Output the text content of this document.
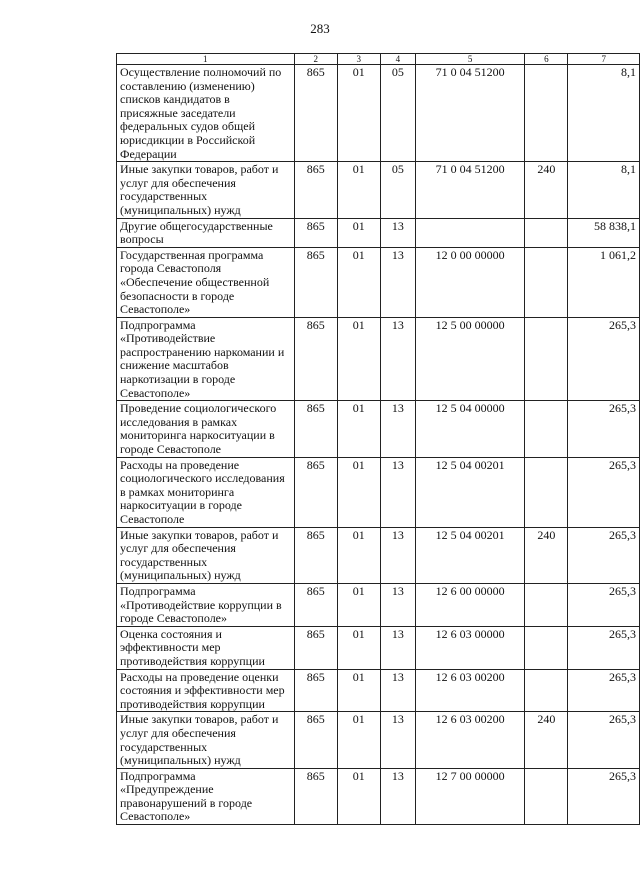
283
1	2	3	4	5	6	7
Осуществление полномочий по составлению (изменению) списков кандидатов в присяжные заседатели федеральных судов общей юрисдикции в Российской Федерации	865	01	05	71 0 04 51200		8,1
Иные закупки товаров, работ и услуг для обеспечения государственных (муниципальных) нужд	865	01	05	71 0 04 51200	240	8,1
Другие общегосударственные вопросы	865	01	13			58 838,1
Государственная программа города Севастополя «Обеспечение общественной безопасности в городе Севастополе»	865	01	13	12 0 00 00000		1 061,2
Подпрограмма «Противодействие распространению наркомании и снижение масштабов наркотизации в городе Севастополе»	865	01	13	12 5 00 00000		265,3
Проведение социологического исследования в рамках мониторинга наркоситуации в городе Севастополе	865	01	13	12 5 04 00000		265,3
Расходы на проведение социологического исследования в рамках мониторинга наркоситуации в городе Севастополе	865	01	13	12 5 04 00201		265,3
Иные закупки товаров, работ и услуг для обеспечения государственных (муниципальных) нужд	865	01	13	12 5 04 00201	240	265,3
Подпрограмма «Противодействие коррупции в городе Севастополе»	865	01	13	12 6 00 00000		265,3
Оценка состояния и эффективности мер противодействия коррупции	865	01	13	12 6 03 00000		265,3
Расходы на проведение оценки состояния и эффективности мер противодействия коррупции	865	01	13	12 6 03 00200		265,3
Иные закупки товаров, работ и услуг для обеспечения государственных (муниципальных) нужд	865	01	13	12 6 03 00200	240	265,3
Подпрограмма «Предупреждение правонарушений в городе Севастополе»	865	01	13	12 7 00 00000		265,3
